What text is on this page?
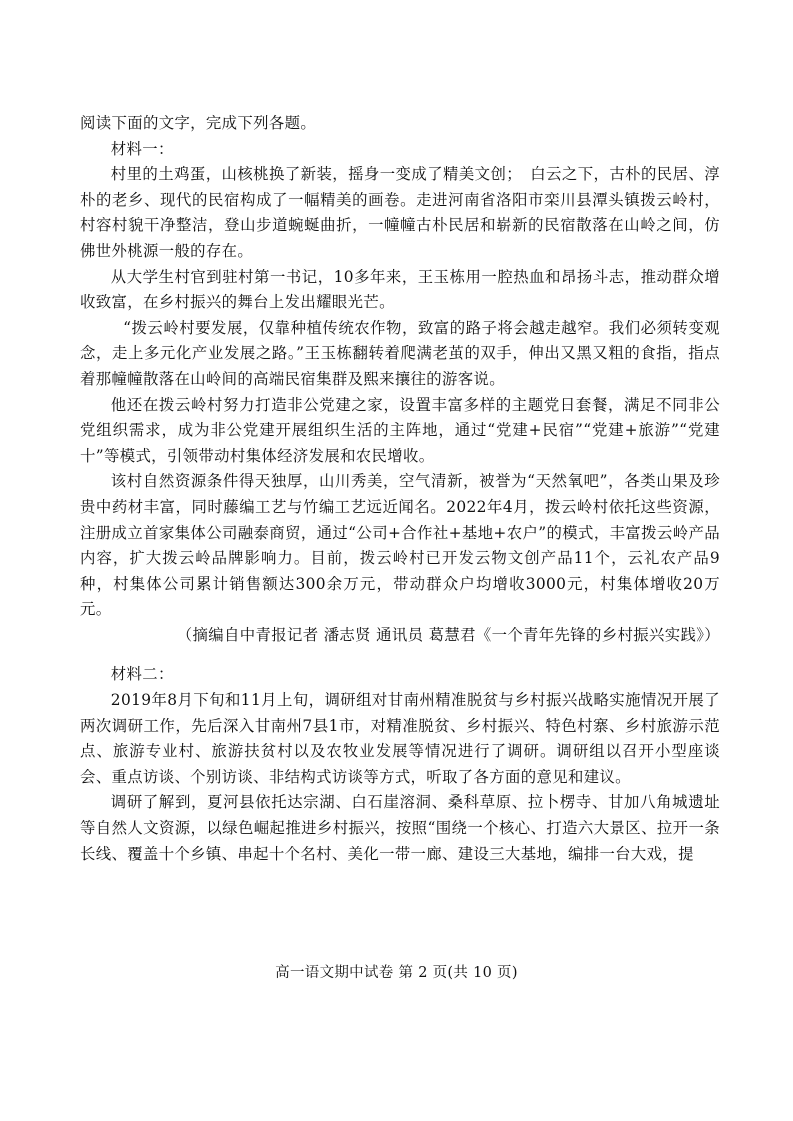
阅读下面的文字，完成下列各题。

材料一：

村里的土鸡蛋，山核桃换了新装，摇身一变成了精美文创；　白云之下，古朴的民居、淳朴的老乡、现代的民宿构成了一幅精美的画卷。走进河南省洛阳市栾川县潭头镇拨云岭村，村容村貌干净整洁，登山步道蜿蜒曲折，一幢幢古朴民居和崭新的民宿散落在山岭之间，仿佛世外桃源一般的存在。

从大学生村官到驻村第一书记，10多年来，王玉栋用一腔热血和昂扬斗志，推动群众增收致富，在乡村振兴的舞台上发出耀眼光芒。

“拨云岭村要发展，仅靠种植传统农作物，致富的路子将会越走越窄。我们必须转变观念，走上多元化产业发展之路。”王玉栋翻转着爬满老茧的双手，伸出又黑又粗的食指，指点着那幢幢散落在山岭间的高端民宿集群及熙来攘往的游客说。

他还在拨云岭村努力打造非公党建之家，设置丰富多样的主题党日套餐，满足不同非公党组织需求，成为非公党建开展组织生活的主阵地，通过“党建+民宿”“党建+旅游”“党建十”等模式，引领带动村集体经济发展和农民增收。

该村自然资源条件得天独厚，山川秀美，空气清新，被誉为“天然氧吧”，各类山果及珍贵中药材丰富，同时藤编工艺与竹编工艺远近闻名。2022年4月，拨云岭村依托这些资源，注册成立首家集体公司融泰商贸，通过“公司+合作社+基地+农户”的模式，丰富拨云岭产品内容，扩大拨云岭品牌影响力。目前，拨云岭村已开发云物文创产品11个，云礼农产品9种，村集体公司累计销售额达300余万元，带动群众户均增收3000元，村集体增收20万元。

（摘编自中青报记者 潘志贤 通讯员 葛慧君《一个青年先锋的乡村振兴实践》）

材料二：

2019年8月下旬和11月上旬，调研组对甘南州精准脱贫与乡村振兴战略实施情况开展了两次调研工作，先后深入甘南州7县1市，对精准脱贫、乡村振兴、特色村寨、乡村旅游示范点、旅游专业村、旅游扶贫村以及农牧业发展等情况进行了调研。调研组以召开小型座谈会、重点访谈、个别访谈、非结构式访谈等方式，听取了各方面的意见和建议。

调研了解到，夏河县依托达宗湖、白石崖溶洞、桑科草原、拉卜楞寺、甘加八角城遗址等自然人文资源，以绿色崛起推进乡村振兴，按照“围绕一个核心、打造六大景区、拉开一条长线、覆盖十个乡镇、串起十个名村、美化一带一廊、建设三大基地，编排一台大戏，提

高一语文期中试卷 第 2 页(共 10 页)
